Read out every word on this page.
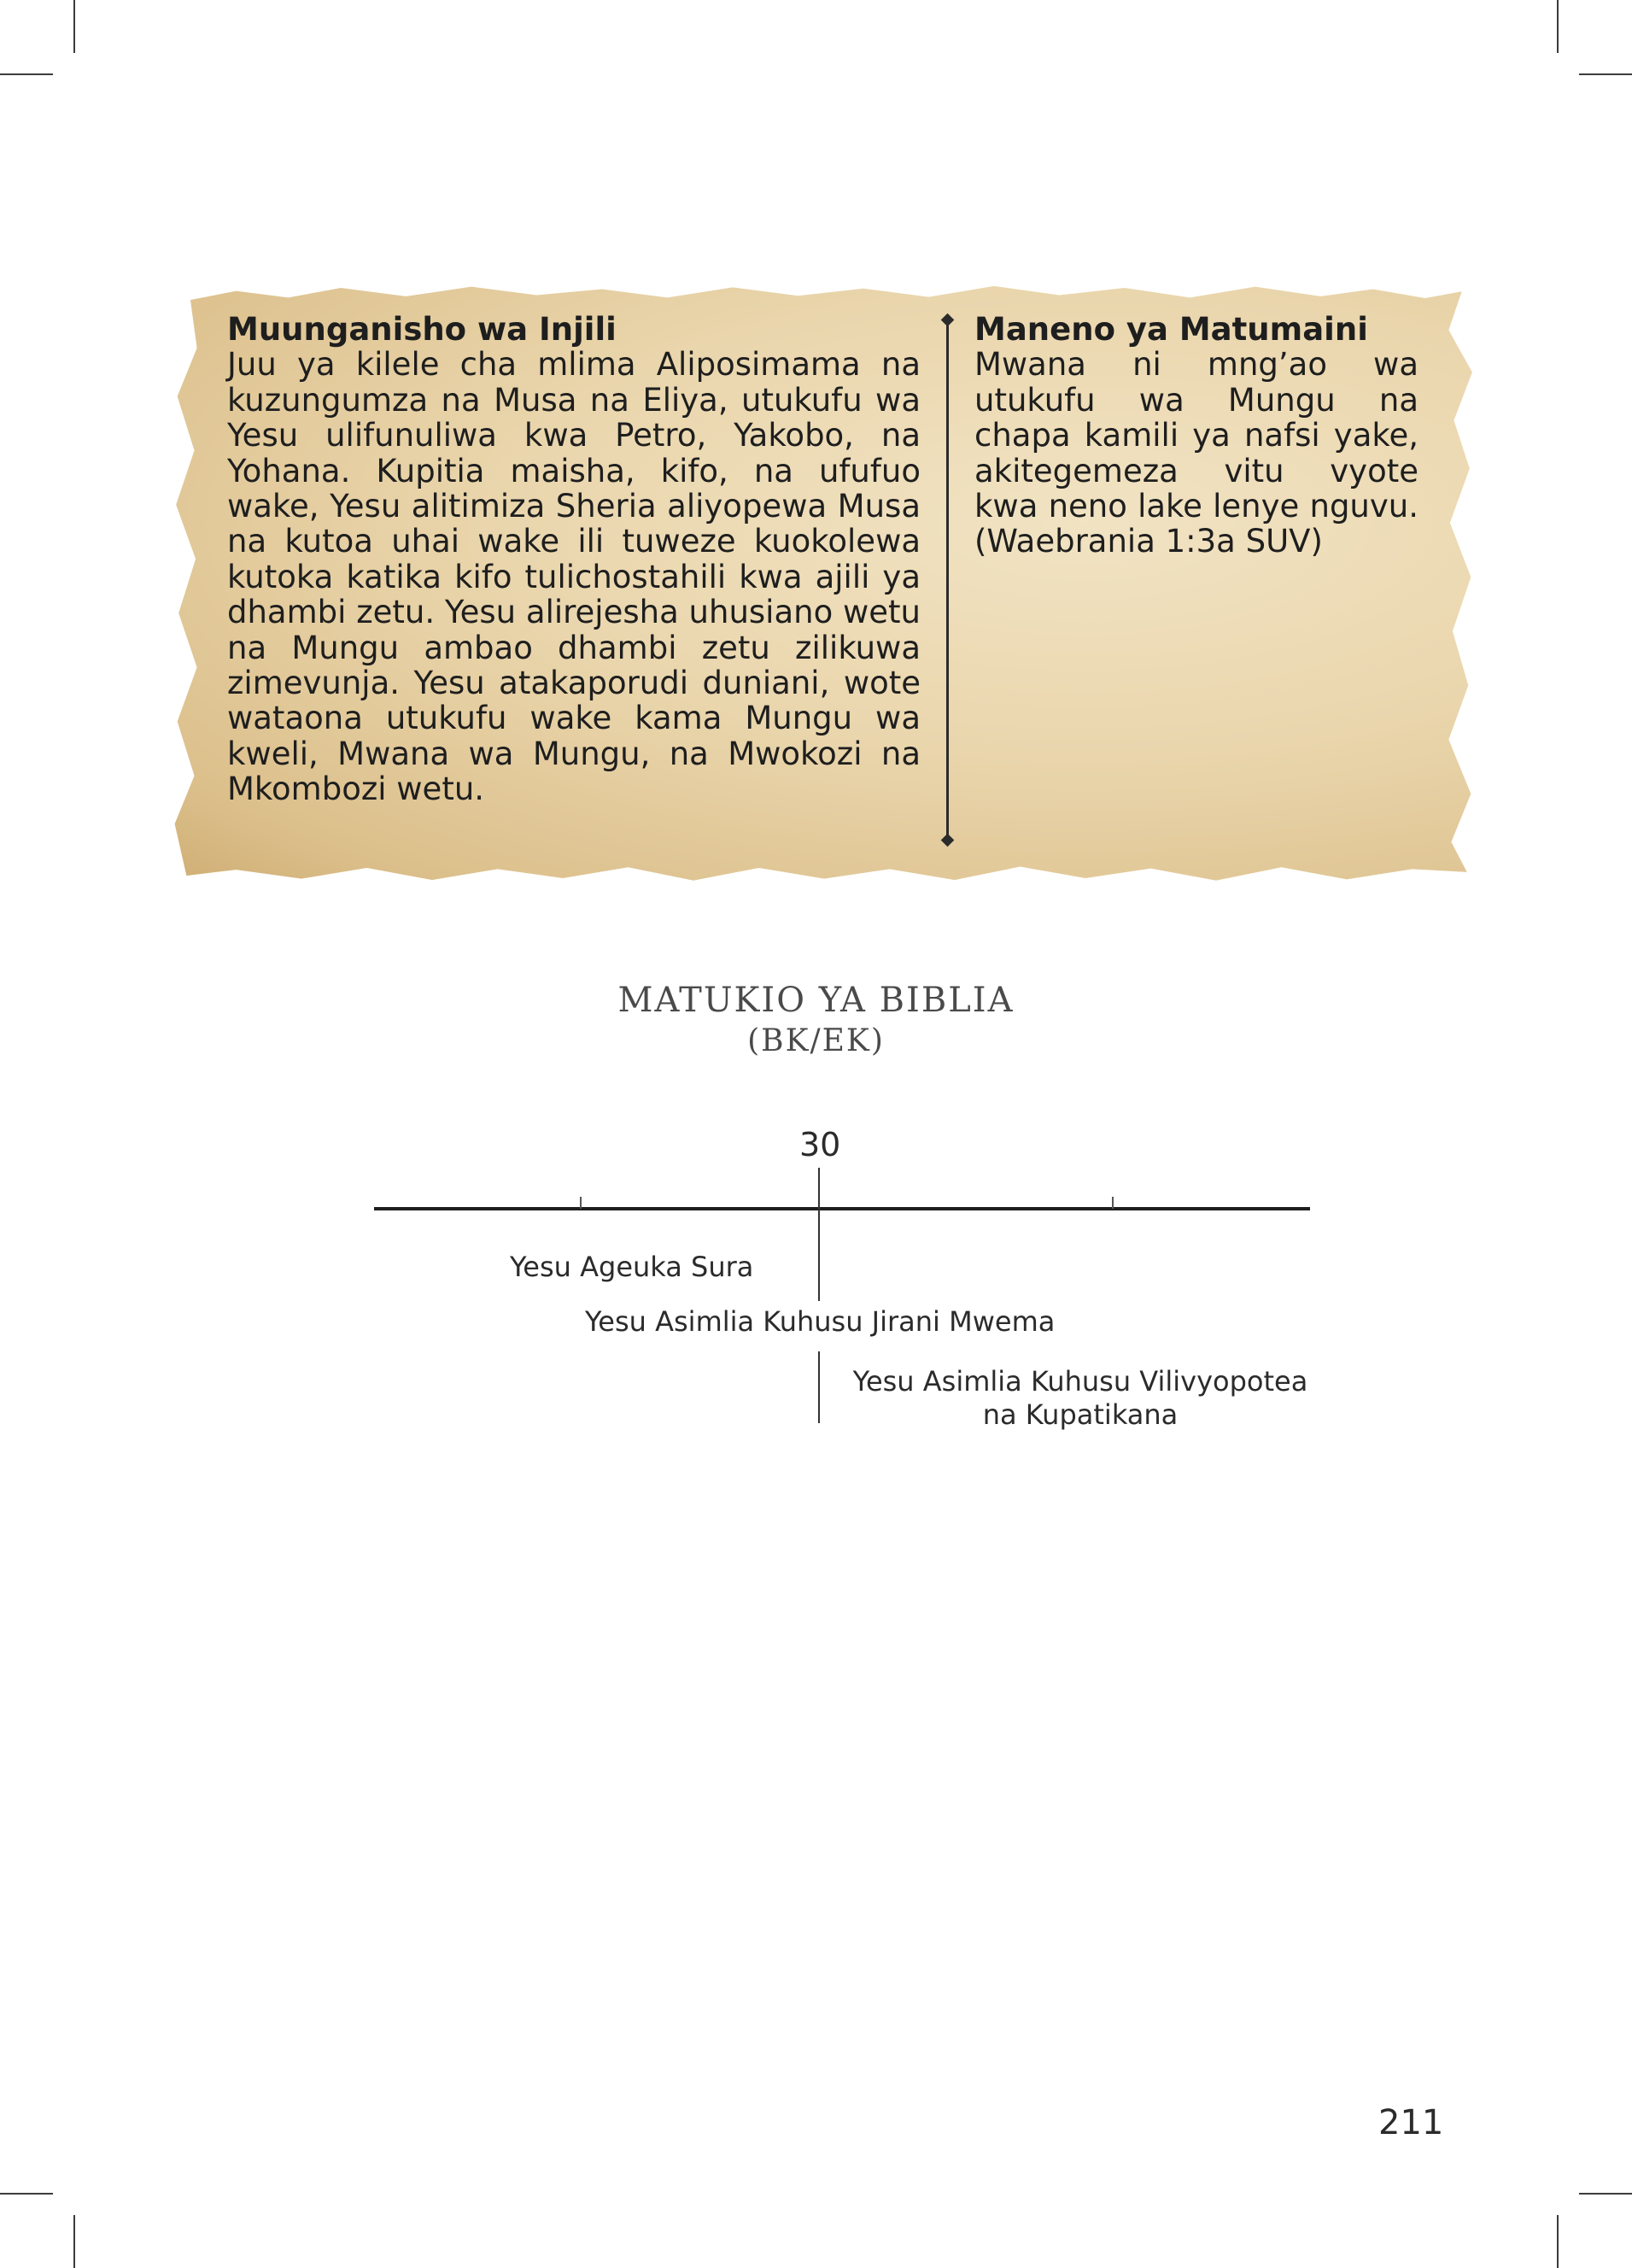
Muunganisho wa Injili

Juu ya kilele cha mlima Aliposimama na kuzungumza na Musa na Eliya, utukufu wa Yesu ulifunuliwa kwa Petro, Yakobo, na Yohana. Kupitia maisha, kifo, na ufufuo wake, Yesu alitimiza Sheria aliyopewa Musa na kutoa uhai wake ili tuweze kuokolewa kutoka katika kifo tulichostahili kwa ajili ya dhambi zetu. Yesu alirejesha uhusiano wetu na Mungu ambao dhambi zetu zilikuwa zimevunja. Yesu atakaporudi duniani, wote wataona utukufu wake kama Mungu wa kweli, Mwana wa Mungu, na Mwokozi na Mkombozi wetu.

Maneno ya Matumaini

Mwana ni mng’ao wa utukufu wa Mungu na chapa kamili ya nafsi yake, akitegemeza vitu vyote kwa neno lake lenye nguvu. (Waebrania 1:3a SUV)

MATUKIO YA BIBLIA
(BK/EK)
30
Yesu Ageuka Sura
Yesu Asimlia Kuhusu Jirani Mwema
Yesu Asimlia Kuhusu Vilivyopotea
na Kupatikana
211
